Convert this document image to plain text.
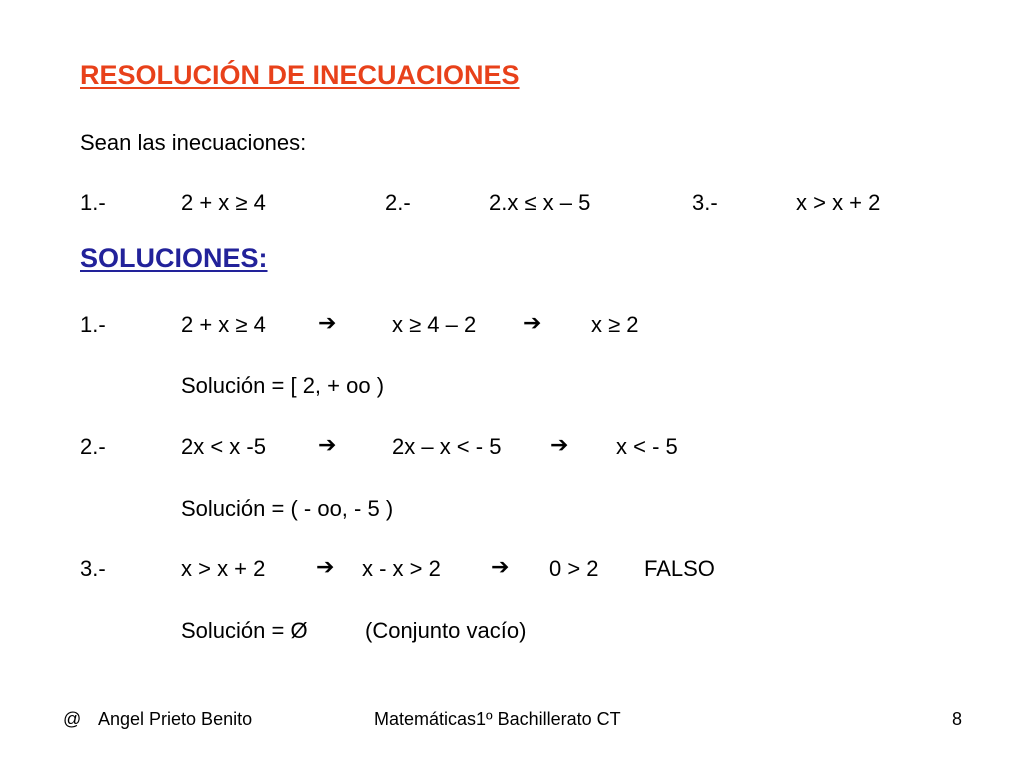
RESOLUCIÓN DE INECUACIONES
Sean las inecuaciones:
1.-	2 + x ≥ 4	2.-	2.x ≤ x – 5	3.-	x > x + 2
SOLUCIONES:
1.-	2 + x ≥ 4 ➔	x ≥ 4 – 2 ➔ x ≥ 2
Solución = [ 2, + oo )
2.-	2x < x -5 ➔	2x – x < - 5 ➔ x < - 5
Solución = ( - oo, - 5 )
3.-	x > x + 2 ➔ x - x > 2 ➔ 0 > 2 FALSO
Solución = Ø	(Conjunto vacío)
@ Angel Prieto Benito	Matemáticas1º Bachillerato CT	8
